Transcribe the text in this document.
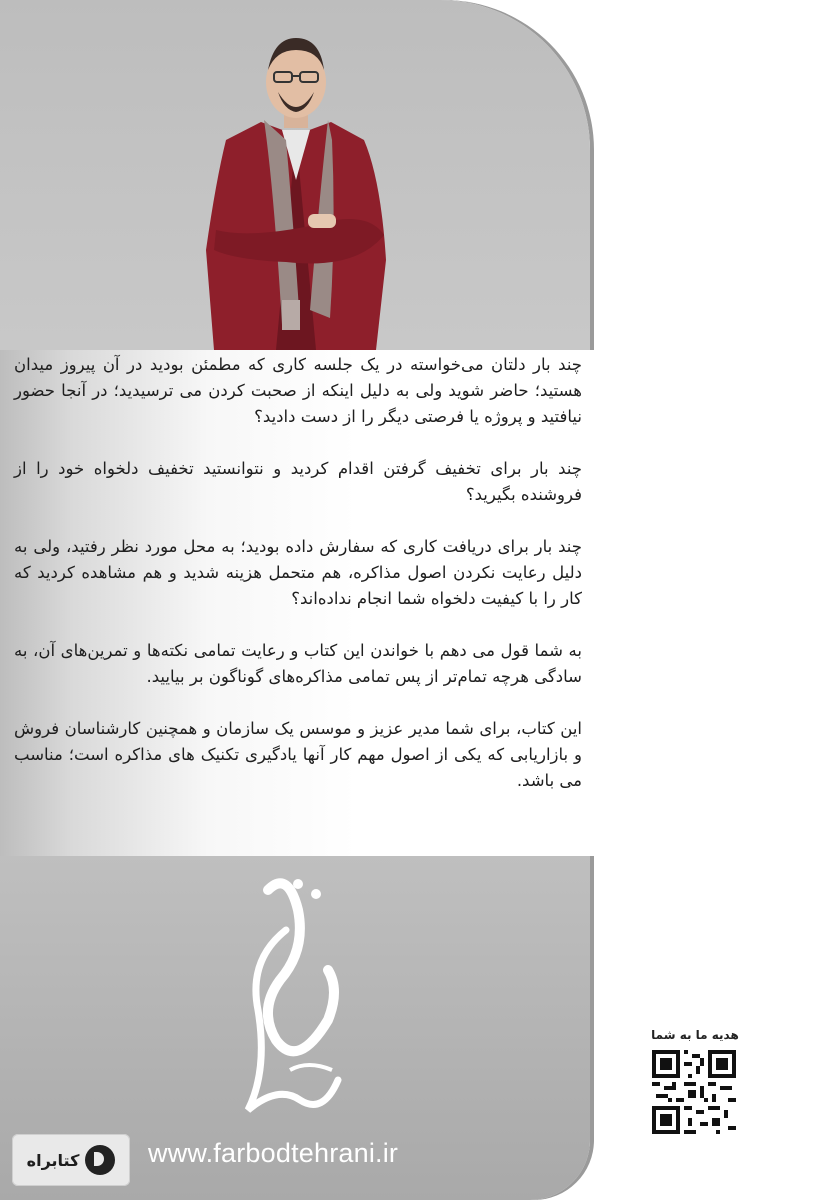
چند بار دلتان می‌خواسته در یک جلسه کاری که مطمئن بودید در آن پیروز میدان هستید؛ حاضر شوید ولی به دلیل اینکه از صحبت کردن می ترسیدید؛ در آنجا حضور نیافتید و پروژه یا فرصتی دیگر را از دست دادید؟

چند بار برای تخفیف گرفتن اقدام کردید و نتوانستید تخفیف دلخواه خود را از فروشنده بگیرید؟

چند بار برای دریافت کاری که سفارش داده بودید؛ به محل مورد نظر رفتید، ولی به دلیل رعایت نکردن اصول مذاکره، هم متحمل هزینه شدید و هم مشاهده کردید که کار را با کیفیت دلخواه شما انجام نداده‌اند؟

به شما قول می دهم با خواندن این کتاب و رعایت تمامی نکته‌ها و تمرین‌های آن، به سادگی هرچه تمام‌تر از پس تمامی مذاکره‌های گوناگون بر بیایید.

این کتاب، برای شما مدیر عزیز و موسس یک سازمان و همچنین کارشناسان فروش و بازاریابی که یکی از اصول مهم کار آنها یادگیری تکنیک های مذاکره است؛ مناسب می باشد.

www.farbodtehrani.ir
کتابراه
هدیه ما به شما
